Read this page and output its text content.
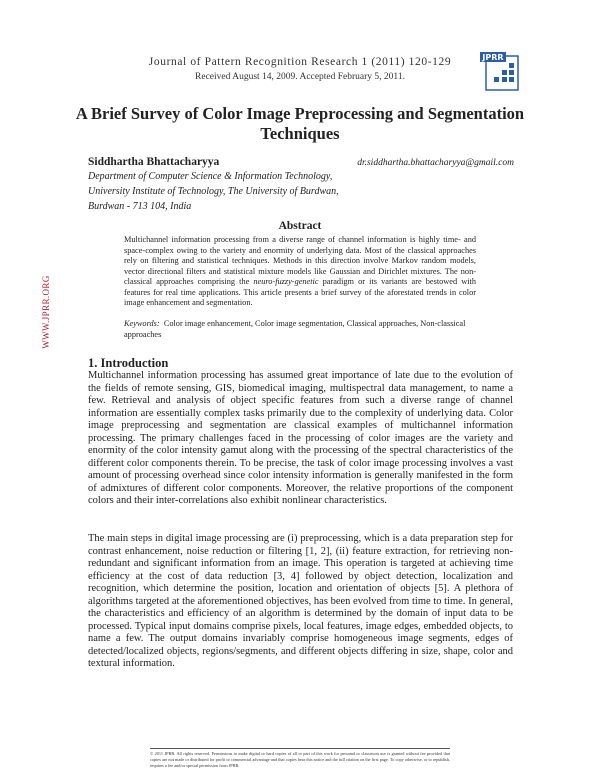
Journal of Pattern Recognition Research 1 (2011) 120-129
Received August 14, 2009. Accepted February 5, 2011.
JPRR
A Brief Survey of Color Image Preprocessing and Segmentation Techniques
Siddhartha Bhattacharyya	dr.siddhartha.bhattacharyya@gmail.com
Department of Computer Science & Information Technology,
University Institute of Technology, The University of Burdwan,
Burdwan - 713 104, India
Abstract
Multichannel information processing from a diverse range of channel information is highly time- and space-complex owing to the variety and enormity of underlying data. Most of the classical approaches rely on filtering and statistical techniques. Methods in this direction involve Markov random models, vector directional filters and statistical mixture models like Gaussian and Dirichlet mixtures. The non-classical approaches comprising the neuro-fuzzy-genetic paradigm or its variants are bestowed with features for real time applications. This article presents a brief survey of the aforestated trends in color image enhancement and segmentation.
Keywords: Color image enhancement, Color image segmentation, Classical approaches, Non-classical approaches
WWW.JPRR.ORG
1. Introduction

Multichannel information processing has assumed great importance of late due to the evolution of the fields of remote sensing, GIS, biomedical imaging, multispectral data management, to name a few. Retrieval and analysis of object specific features from such a diverse range of channel information are essentially complex tasks primarily due to the complexity of underlying data. Color image preprocessing and segmentation are classical examples of multichannel information processing. The primary challenges faced in the processing of color images are the variety and enormity of the color intensity gamut along with the processing of the spectral characteristics of the different color components therein. To be precise, the task of color image processing involves a vast amount of processing overhead since color intensity information is generally manifested in the form of admixtures of different color components. Moreover, the relative proportions of the component colors and their inter-correlations also exhibit nonlinear characteristics.

The main steps in digital image processing are (i) preprocessing, which is a data preparation step for contrast enhancement, noise reduction or filtering [1, 2], (ii) feature extraction, for retrieving non-redundant and significant information from an image. This operation is targeted at achieving time efficiency at the cost of data reduction [3, 4] followed by object detection, localization and recognition, which determine the position, location and orientation of objects [5]. A plethora of algorithms targeted at the aforementioned objectives, has been evolved from time to time. In general, the characteristics and efficiency of an algorithm is determined by the domain of input data to be processed. Typical input domains comprise pixels, local features, image edges, embedded objects, to name a few. The output domains invariably comprise homogeneous image segments, edges of detected/localized objects, regions/segments, and different objects differing in size, shape, color and textural information.

© 2011 JPRR. All rights reserved. Permissions to make digital or hard copies of all or part of this work for personal or classroom use is granted without fee provided that copies are not made or distributed for profit or commercial advantage and that copies bear this notice and the full citation on the first page. To copy otherwise, or to republish, requires a fee and/or special permission from JPRR.
